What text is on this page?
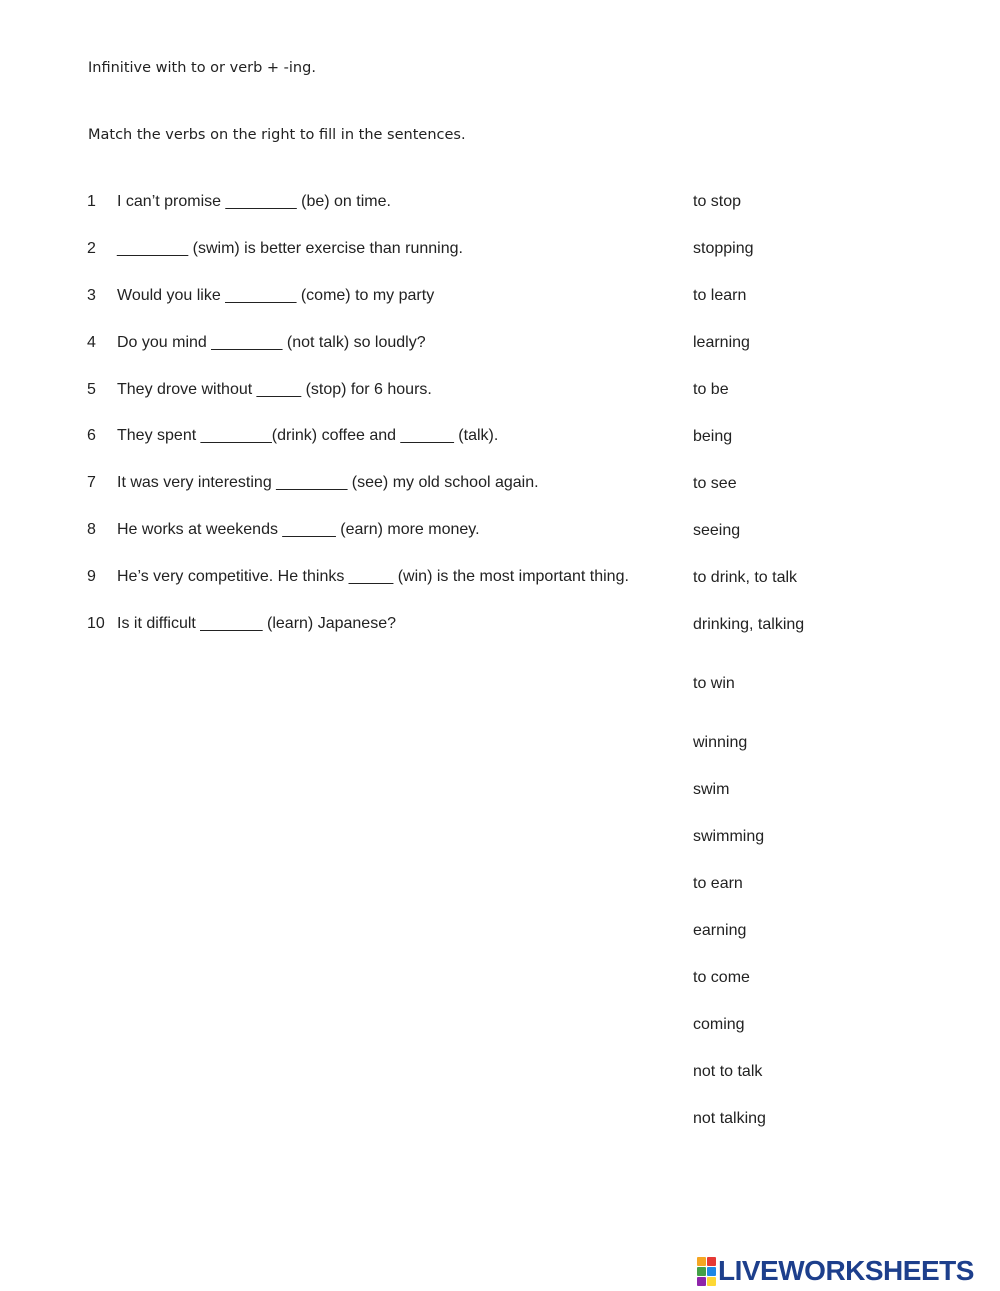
Infinitive with to or verb + -ing.

Match the verbs on the right to fill in the sentences.

1	I can’t promise ________ (be) on time.
2	________ (swim) is better exercise than running.
3	Would you like ________ (come) to my party
4	Do you mind ________ (not talk) so loudly?
5	They drove without _____ (stop) for 6 hours.
6	They spent ________(drink) coffee and ______ (talk).
7	It was very interesting ________ (see) my old school again.
8	He works at weekends ______ (earn) more money.
9	He’s very competitive. He thinks _____ (win) is the most important thing.
10 Is it difficult _______ (learn) Japanese?
to stop
stopping
to learn
learning
to be
being
to see
seeing
to drink, to talk
drinking, talking
to win
winning
swim
swimming
to earn
earning
to come
coming
not to talk
not talking
LIVEWORKSHEETS
